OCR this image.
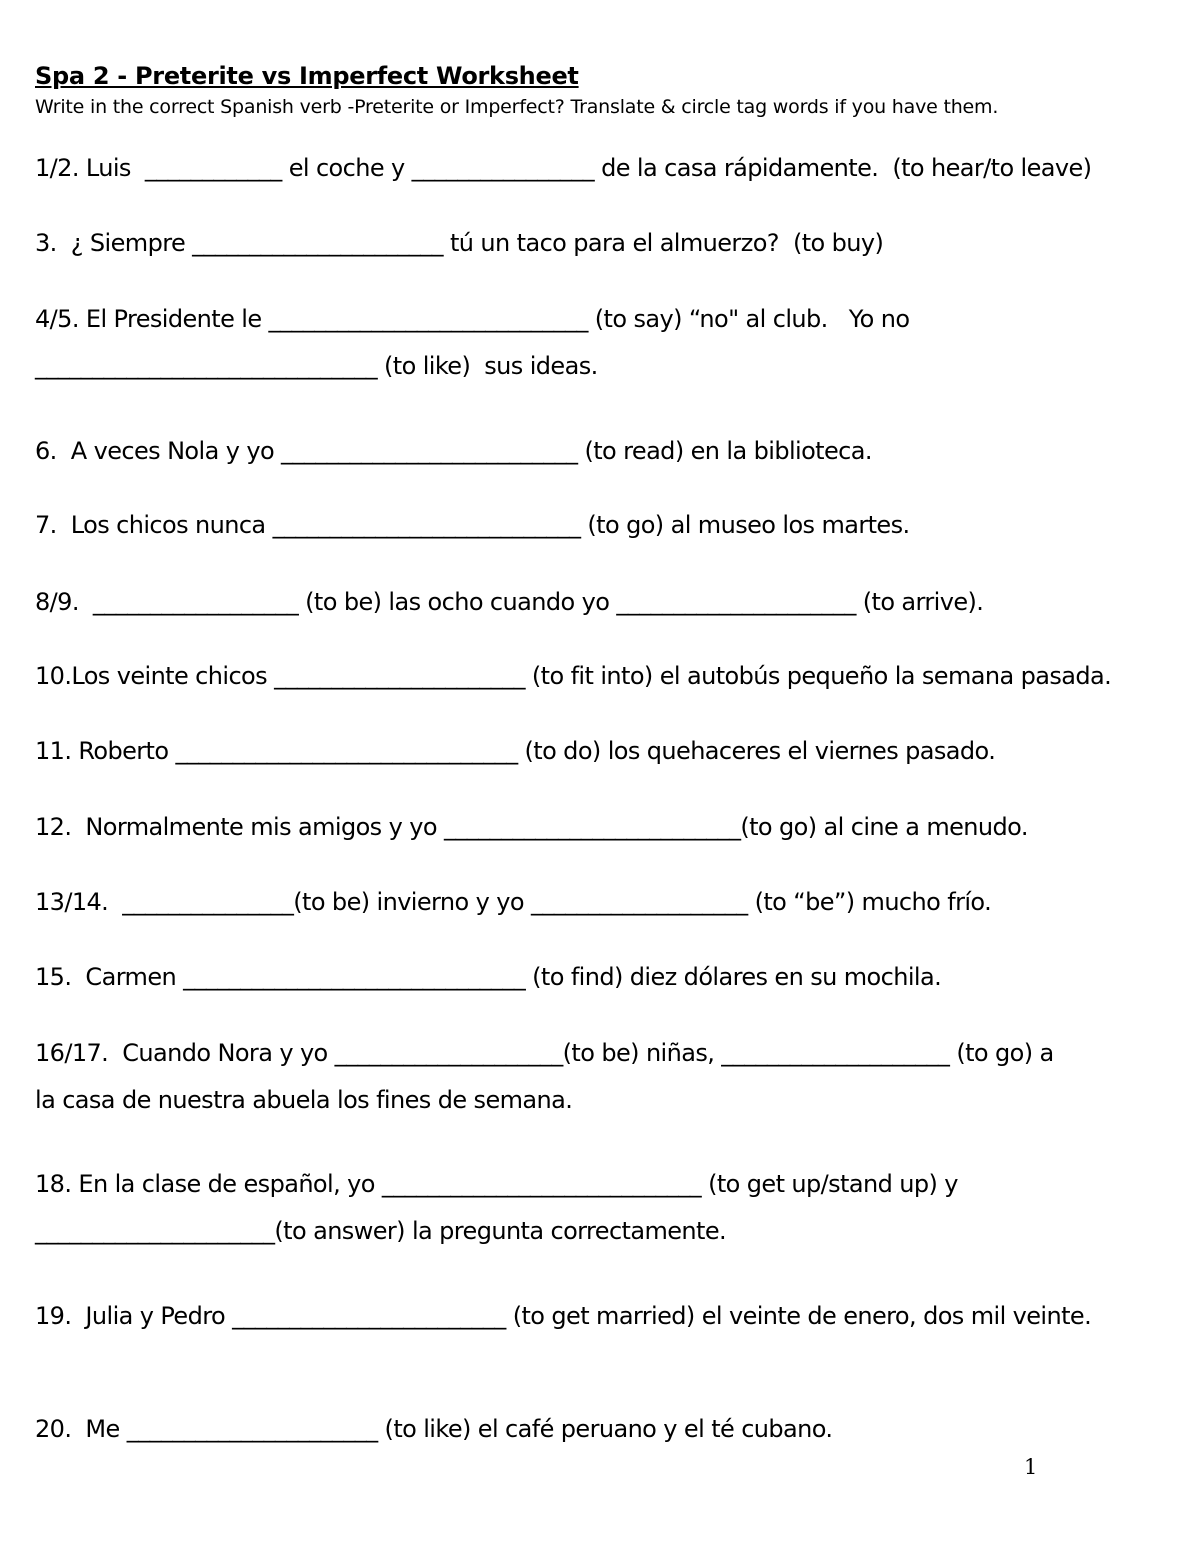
Spa 2 - Preterite vs Imperfect Worksheet
Write in the correct Spanish verb -Preterite or Imperfect? Translate & circle tag words if you have them.
1/2. Luis  ____________ el coche y ________________ de la casa rápidamente.  (to hear/to leave)
3.  ¿ Siempre ______________________ tú un taco para el almuerzo?  (to buy)
4/5. El Presidente le ____________________________ (to say) “no" al club.   Yo no
______________________________ (to like)  sus ideas.
6.  A veces Nola y yo __________________________ (to read) en la biblioteca.
7.  Los chicos nunca ___________________________ (to go) al museo los martes.
8/9.  __________________ (to be) las ocho cuando yo _____________________ (to arrive).
10.Los veinte chicos ______________________ (to fit into) el autobús pequeño la semana pasada.
11. Roberto ______________________________ (to do) los quehaceres el viernes pasado.
12.  Normalmente mis amigos y yo __________________________(to go) al cine a menudo.
13/14.  _______________(to be) invierno y yo ___________________ (to “be”) mucho frío.
15.  Carmen ______________________________ (to find) diez dólares en su mochila.
16/17.  Cuando Nora y yo ____________________(to be) niñas, ____________________ (to go) a
la casa de nuestra abuela los fines de semana.
18. En la clase de español, yo ____________________________ (to get up/stand up) y
_____________________(to answer) la pregunta correctamente.
19.  Julia y Pedro ________________________ (to get married) el veinte de enero, dos mil veinte.
20.  Me ______________________ (to like) el café peruano y el té cubano.
1
